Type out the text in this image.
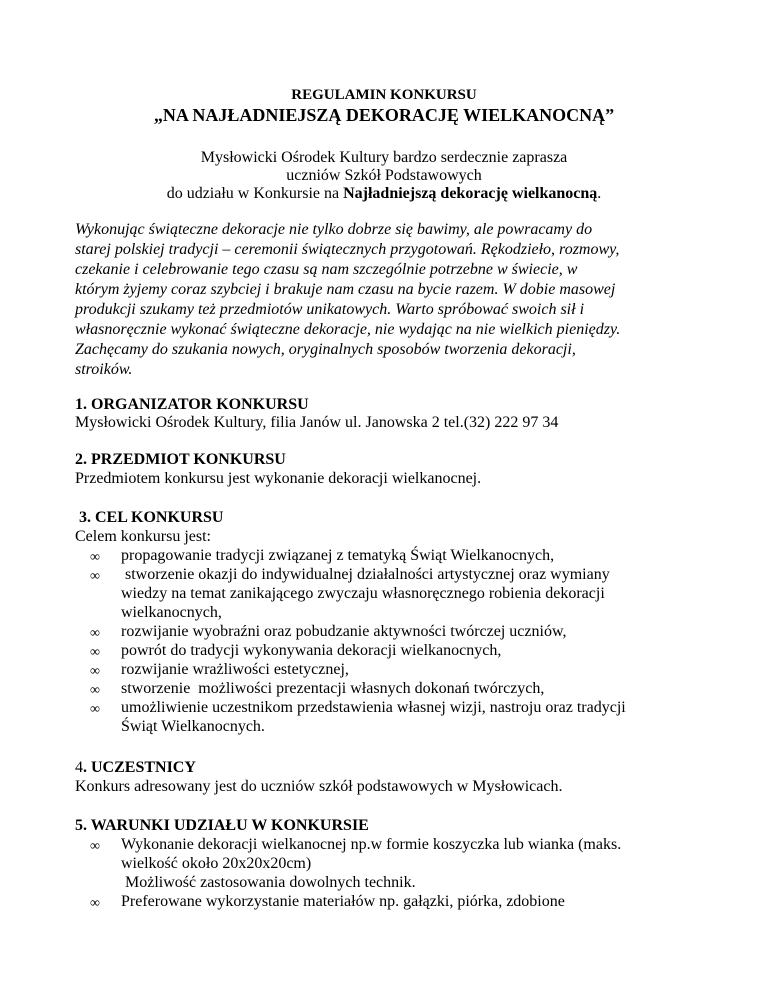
REGULAMIN KONKURSU
„NA NAJŁADNIEJSZĄ DEKORACJĘ WIELKANOCNĄ”
Mysłowicki Ośrodek Kultury bardzo serdecznie zaprasza
uczniów Szkół Podstawowych
do udziału w Konkursie na Najładniejszą dekorację wielkanocną.
Wykonując świąteczne dekoracje nie tylko dobrze się bawimy, ale powracamy do
starej polskiej tradycji – ceremonii świątecznych przygotowań. Rękodzieło, rozmowy,
czekanie i celebrowanie tego czasu są nam szczególnie potrzebne w świecie, w
którym żyjemy coraz szybciej i brakuje nam czasu na bycie razem. W dobie masowej
produkcji szukamy też przedmiotów unikatowych. Warto spróbować swoich sił i
własnoręcznie wykonać świąteczne dekoracje, nie wydając na nie wielkich pieniędzy.
Zachęcamy do szukania nowych, oryginalnych sposobów tworzenia dekoracji,
stroików.
1. ORGANIZATOR KONKURSU
Mysłowicki Ośrodek Kultury, filia Janów ul. Janowska 2 tel.(32) 222 97 34
2. PRZEDMIOT KONKURSU
Przedmiotem konkursu jest wykonanie dekoracji wielkanocnej.
3. CEL KONKURSU
Celem konkursu jest:
∞	propagowanie tradycji związanej z tematyką Świąt Wielkanocnych,
∞	stworzenie okazji do indywidualnej działalności artystycznej oraz wymiany
wiedzy na temat zanikającego zwyczaju własnoręcznego robienia dekoracji
wielkanocnych,
∞	rozwijanie wyobraźni oraz pobudzanie aktywności twórczej uczniów,
∞	powrót do tradycji wykonywania dekoracji wielkanocnych,
∞	rozwijanie wrażliwości estetycznej,
∞	stworzenie  możliwości prezentacji własnych dokonań twórczych,
∞	umożliwienie uczestnikom przedstawienia własnej wizji, nastroju oraz tradycji
Świąt Wielkanocnych.
4. UCZESTNICY
Konkurs adresowany jest do uczniów szkół podstawowych w Mysłowicach.
5. WARUNKI UDZIAŁU W KONKURSIE
∞	Wykonanie dekoracji wielkanocnej np.w formie koszyczka lub wianka (maks.
wielkość około 20x20x20cm)
Możliwość zastosowania dowolnych technik.
∞	Preferowane wykorzystanie materiałów np. gałązki, piórka, zdobione
